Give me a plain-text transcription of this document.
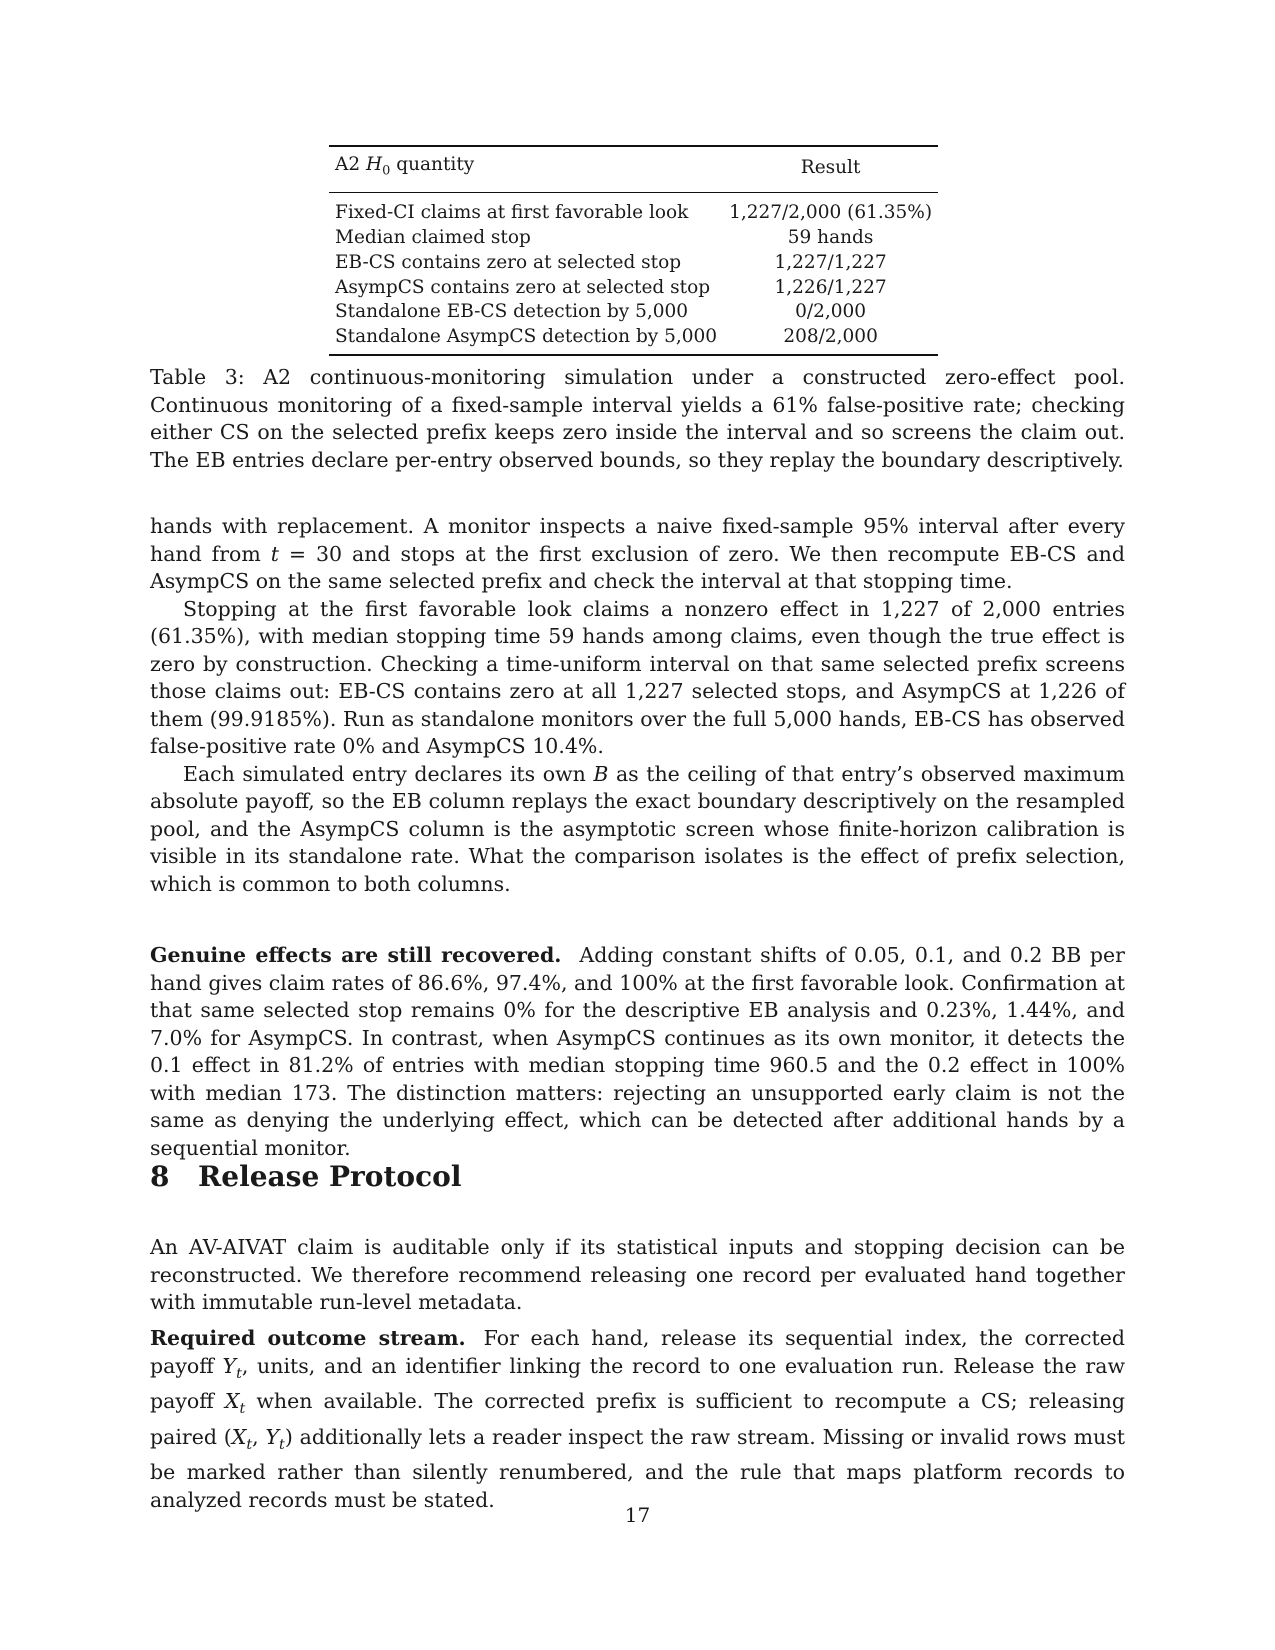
A2 $H_0$ quantity	Result
Fixed-CI claims at first favorable look	1,227/2,000 (61.35%)
Median claimed stop	59 hands
EB-CS contains zero at selected stop	1,227/1,227
AsympCS contains zero at selected stop	1,226/1,227
Standalone EB-CS detection by 5,000	0/2,000
Standalone AsympCS detection by 5,000	208/2,000

Table 3: A2 continuous-monitoring simulation under a constructed zero-effect pool. Continuous monitoring of a fixed-sample interval yields a 61% false-positive rate; checking either CS on the selected prefix keeps zero inside the interval and so screens the claim out. The EB entries declare per-entry observed bounds, so they replay the boundary descriptively.

hands with replacement. A monitor inspects a naive fixed-sample 95% interval after every hand from t = 30 and stops at the first exclusion of zero. We then recompute EB-CS and AsympCS on the same selected prefix and check the interval at that stopping time.

Stopping at the first favorable look claims a nonzero effect in 1,227 of 2,000 entries (61.35%), with median stopping time 59 hands among claims, even though the true effect is zero by construction. Checking a time-uniform interval on that same selected prefix screens those claims out: EB-CS contains zero at all 1,227 selected stops, and AsympCS at 1,226 of them (99.9185%). Run as standalone monitors over the full 5,000 hands, EB-CS has observed false-positive rate 0% and AsympCS 10.4%.

Each simulated entry declares its own B as the ceiling of that entry’s observed maximum absolute payoff, so the EB column replays the exact boundary descriptively on the resampled pool, and the AsympCS column is the asymptotic screen whose finite-horizon calibration is visible in its standalone rate. What the comparison isolates is the effect of prefix selection, which is common to both columns.

Genuine effects are still recovered. Adding constant shifts of 0.05, 0.1, and 0.2 BB per hand gives claim rates of 86.6%, 97.4%, and 100% at the first favorable look. Confirmation at that same selected stop remains 0% for the descriptive EB analysis and 0.23%, 1.44%, and 7.0% for AsympCS. In contrast, when AsympCS continues as its own monitor, it detects the 0.1 effect in 81.2% of entries with median stopping time 960.5 and the 0.2 effect in 100% with median 173. The distinction matters: rejecting an unsupported early claim is not the same as denying the underlying effect, which can be detected after additional hands by a sequential monitor.

8 Release Protocol

An AV-AIVAT claim is auditable only if its statistical inputs and stopping decision can be reconstructed. We therefore recommend releasing one record per evaluated hand together with immutable run-level metadata.

Required outcome stream. For each hand, release its sequential index, the corrected payoff $Y_t$, units, and an identifier linking the record to one evaluation run. Release the raw payoff $X_t$ when available. The corrected prefix is sufficient to recompute a CS; releasing paired ($X_t$, $Y_t$) additionally lets a reader inspect the raw stream. Missing or invalid rows must be marked rather than silently renumbered, and the rule that maps platform records to analyzed records must be stated.

17
